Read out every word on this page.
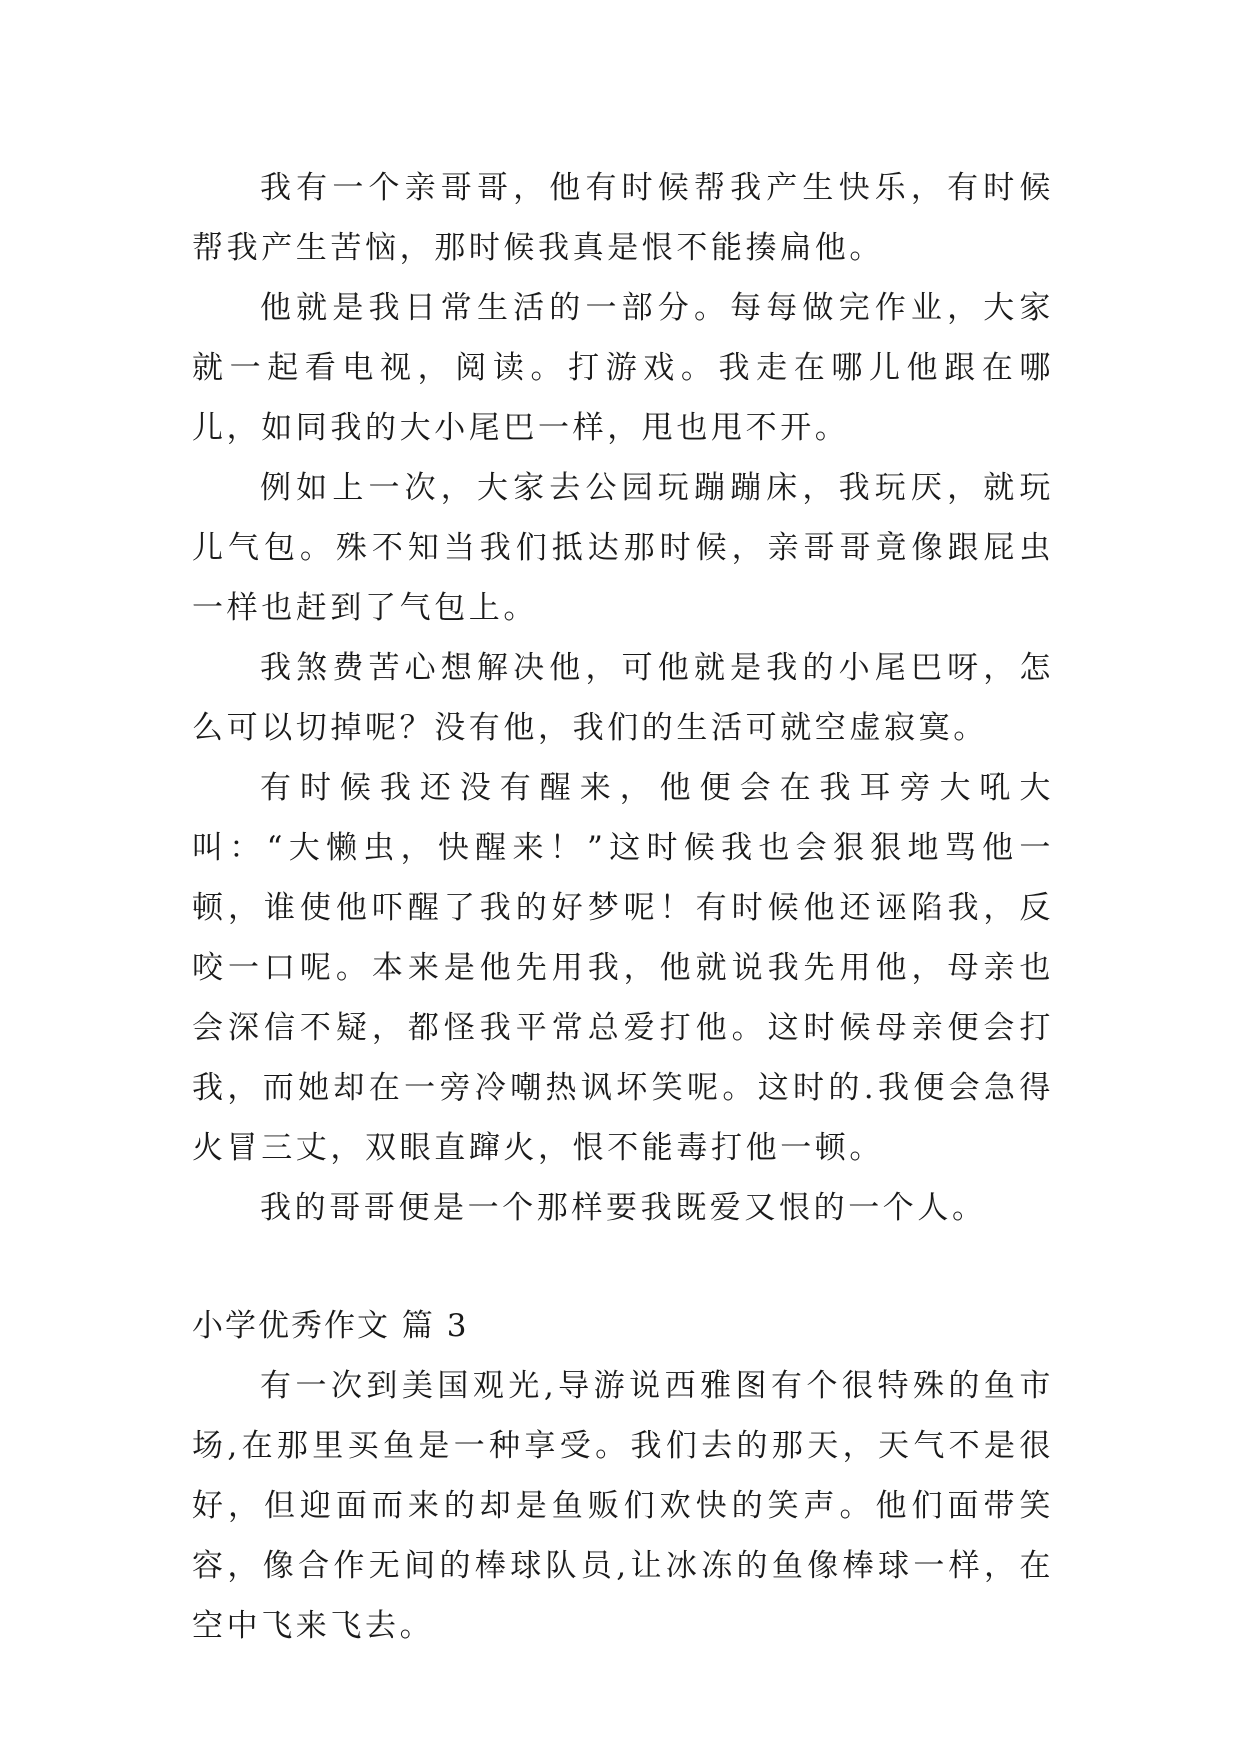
我有一个亲哥哥，他有时候帮我产生快乐，有时候帮我产生苦恼，那时候我真是恨不能揍扁他。

他就是我日常生活的一部分。每每做完作业，大家就一起看电视，阅读。打游戏。我走在哪儿他跟在哪儿，如同我的大小尾巴一样，甩也甩不开。

例如上一次，大家去公园玩蹦蹦床，我玩厌，就玩儿气包。殊不知当我们抵达那时候，亲哥哥竟像跟屁虫一样也赶到了气包上。

我煞费苦心想解决他，可他就是我的小尾巴呀，怎么可以切掉呢？没有他，我们的生活可就空虚寂寞。

有时候我还没有醒来，他便会在我耳旁大吼大叫：“大懒虫，快醒来！”这时候我也会狠狠地骂他一顿，谁使他吓醒了我的好梦呢！有时候他还诬陷我，反咬一口呢。本来是他先用我，他就说我先用他，母亲也会深信不疑，都怪我平常总爱打他。这时候母亲便会打我，而她却在一旁冷嘲热讽坏笑呢。这时的.我便会急得火冒三丈，双眼直蹿火，恨不能毒打他一顿。

我的哥哥便是一个那样要我既爱又恨的一个人。

小学优秀作文 篇 3

有一次到美国观光,导游说西雅图有个很特殊的鱼市场,在那里买鱼是一种享受。我们去的那天，天气不是很好，但迎面而来的却是鱼贩们欢快的笑声。他们面带笑容，像合作无间的棒球队员,让冰冻的鱼像棒球一样，在空中飞来飞去。
